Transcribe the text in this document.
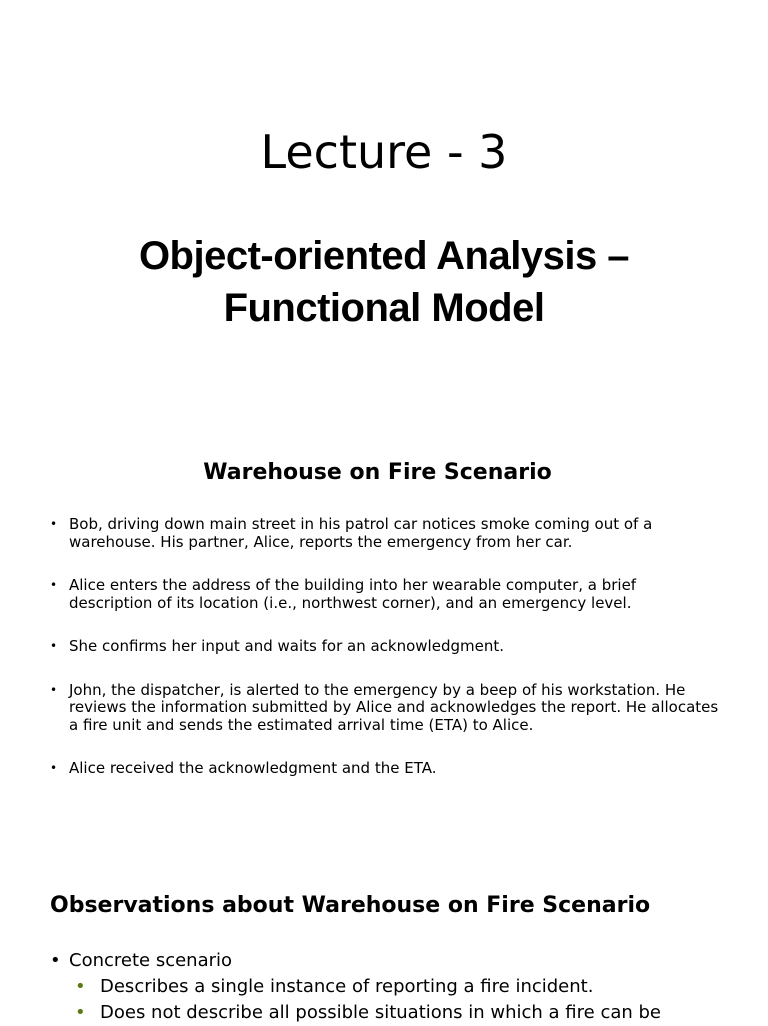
Lecture - 3
Object-oriented Analysis –
Functional Model
Warehouse on Fire Scenario
• Bob, driving down main street in his patrol car notices smoke coming out of a warehouse. His partner, Alice, reports the emergency from her car.
• Alice enters the address of the building into her wearable computer, a brief description of its location (i.e., northwest corner), and an emergency level.
• She confirms her input and waits for an acknowledgment.
• John, the dispatcher, is alerted to the emergency by a beep of his workstation. He reviews the information submitted by Alice and acknowledges the report. He allocates a fire unit and sends the estimated arrival time (ETA) to Alice.
• Alice received the acknowledgment and the ETA.
Observations about Warehouse on Fire Scenario
• Concrete scenario
• Describes a single instance of reporting a fire incident.
• Does not describe all possible situations in which a fire can be
